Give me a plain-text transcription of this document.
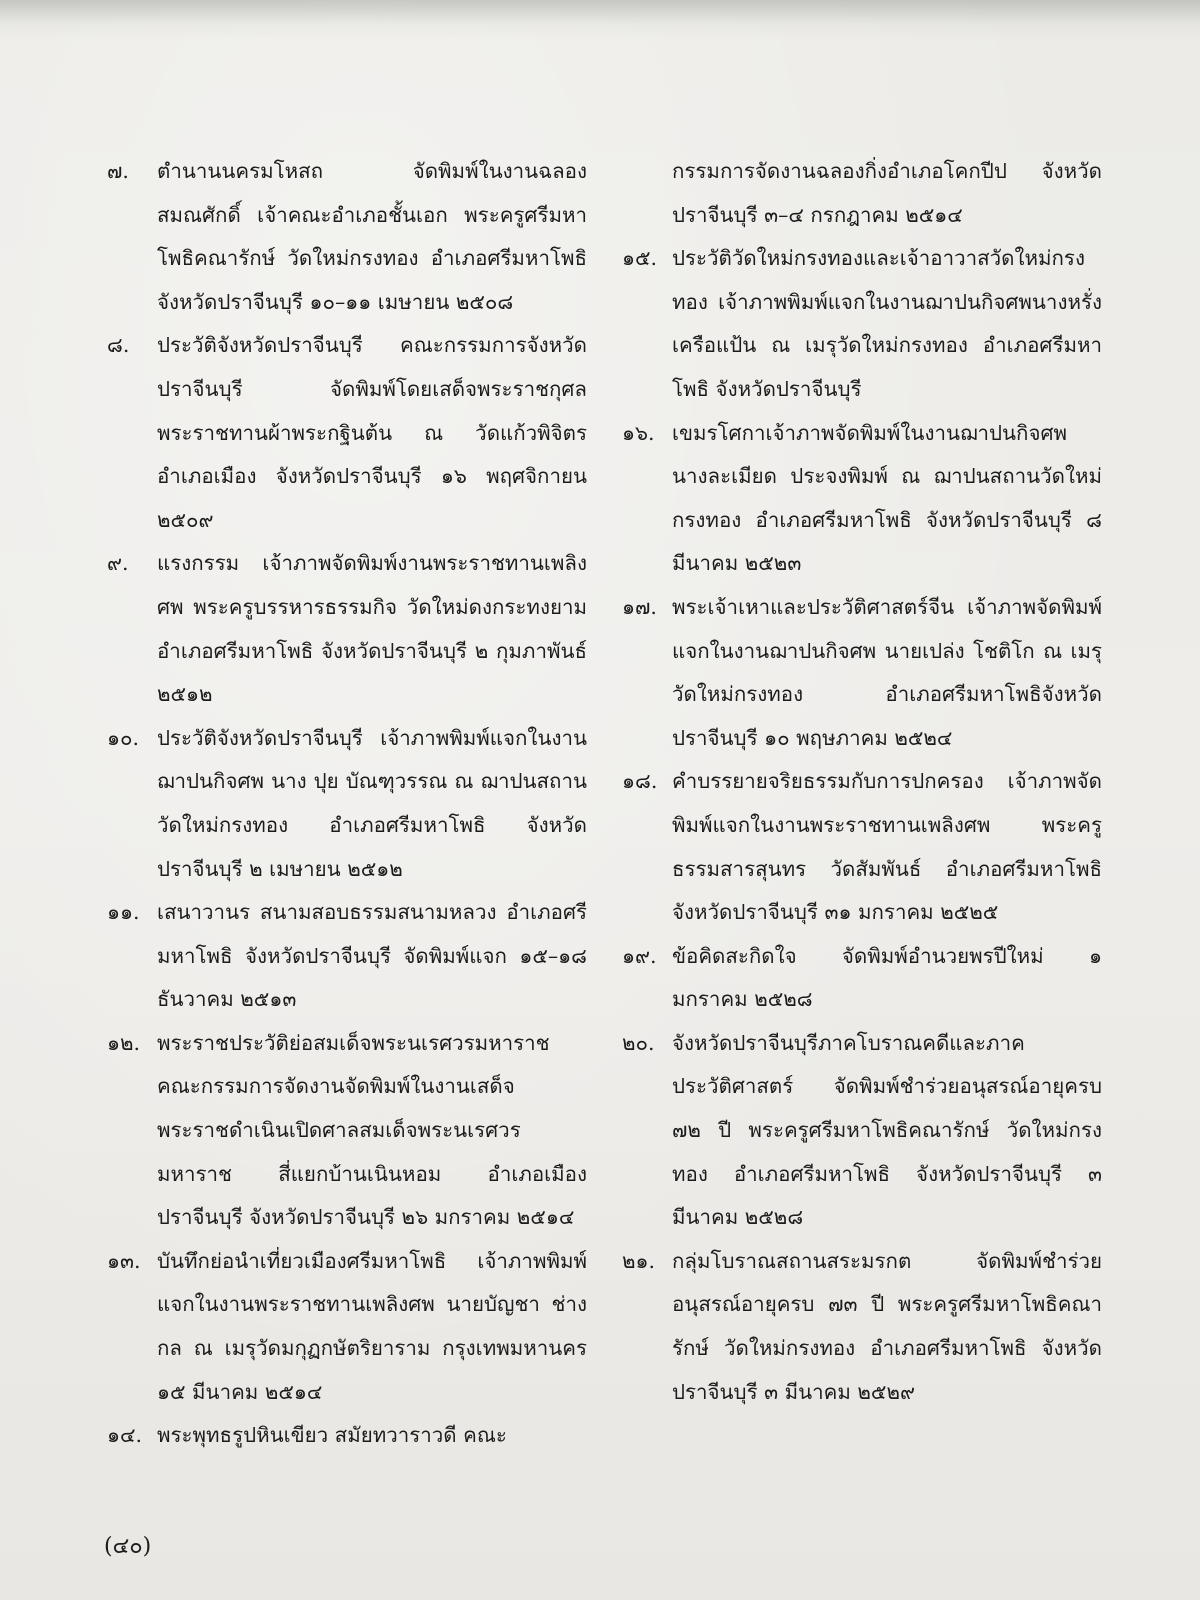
๗.	ตำนานนครมโหสถ จัดพิมพ์ในงานฉลองสมณศักดิ์ เจ้าคณะอำเภอชั้นเอก พระครูศรีมหาโพธิคณารักษ์ วัดใหม่กรงทอง อำเภอศรีมหาโพธิ จังหวัดปราจีนบุรี ๑๐–๑๑ เมษายน ๒๕๐๘
๘.	ประวัติจังหวัดปราจีนบุรี คณะกรรมการจังหวัดปราจีนบุรี จัดพิมพ์โดยเสด็จพระราชกุศลพระราชทานผ้าพระกฐินต้น ณ วัดแก้วพิจิตร อำเภอเมือง จังหวัดปราจีนบุรี ๑๖ พฤศจิกายน ๒๕๐๙
๙.	แรงกรรม เจ้าภาพจัดพิมพ์งานพระราชทานเพลิงศพ พระครูบรรหารธรรมกิจ วัดใหม่ดงกระทงยาม อำเภอศรีมหาโพธิ จังหวัดปราจีนบุรี ๒ กุมภาพันธ์ ๒๕๑๒
๑๐. ประวัติจังหวัดปราจีนบุรี เจ้าภาพพิมพ์แจกในงานฌาปนกิจศพ นาง ปุย บัณฑุวรรณ ณ ฌาปนสถานวัดใหม่กรงทอง อำเภอศรีมหาโพธิ จังหวัดปราจีนบุรี ๒ เมษายน ๒๕๑๒
๑๑. เสนาวานร สนามสอบธรรมสนามหลวง อำเภอศรีมหาโพธิ จังหวัดปราจีนบุรี จัดพิมพ์แจก ๑๕–๑๘ ธันวาคม ๒๕๑๓
๑๒. พระราชประวัติย่อสมเด็จพระนเรศวรมหาราช คณะกรรมการจัดงานจัดพิมพ์ในงานเสด็จพระราชดำเนินเปิดศาลสมเด็จพระนเรศวรมหาราช สี่แยกบ้านเนินหอม อำเภอเมือง ปราจีนบุรี จังหวัดปราจีนบุรี ๒๖ มกราคม ๒๕๑๔
๑๓. บันทึกย่อนำเที่ยวเมืองศรีมหาโพธิ เจ้าภาพพิมพ์แจกในงานพระราชทานเพลิงศพ นายบัญชา ช่างกล ณ เมรุวัดมกุฏกษัตริยาราม กรุงเทพมหานคร ๑๕ มีนาคม ๒๕๑๔
๑๔. พระพุทธรูปหินเขียว สมัยทวาราวดี คณะ
กรรมการจัดงานฉลองกิ่งอำเภอโคกปีป จังหวัดปราจีนบุรี ๓–๔ กรกฎาคม ๒๕๑๔
๑๕. ประวัติวัดใหม่กรงทองและเจ้าอาวาสวัดใหม่กรงทอง เจ้าภาพพิมพ์แจกในงานฌาปนกิจศพนางหรั่ง เครือแป้น ณ เมรุวัดใหม่กรงทอง อำเภอศรีมหาโพธิ จังหวัดปราจีนบุรี
๑๖. เขมรโศกาเจ้าภาพจัดพิมพ์ในงานฌาปนกิจศพนางละเมียด ประจงพิมพ์ ณ ฌาปนสถานวัดใหม่กรงทอง อำเภอศรีมหาโพธิ จังหวัดปราจีนบุรี ๘ มีนาคม ๒๕๒๓
๑๗. พระเจ้าเหาและประวัติศาสตร์จีน เจ้าภาพจัดพิมพ์แจกในงานฌาปนกิจศพ นายเปล่ง โชติโก ณ เมรุวัดใหม่กรงทอง อำเภอศรีมหาโพธิจังหวัดปราจีนบุรี ๑๐ พฤษภาคม ๒๕๒๔
๑๘. คำบรรยายจริยธรรมกับการปกครอง เจ้าภาพจัดพิมพ์แจกในงานพระราชทานเพลิงศพ พระครูธรรมสารสุนทร วัดสัมพันธ์ อำเภอศรีมหาโพธิ จังหวัดปราจีนบุรี ๓๑ มกราคม ๒๕๒๕
๑๙. ข้อคิดสะกิดใจ จัดพิมพ์อำนวยพรปีใหม่ ๑ มกราคม ๒๕๒๘
๒๐. จังหวัดปราจีนบุรีภาคโบราณคดีและภาคประวัติศาสตร์ จัดพิมพ์ชำร่วยอนุสรณ์อายุครบ ๗๒ ปี พระครูศรีมหาโพธิคณารักษ์ วัดใหม่กรงทอง อำเภอศรีมหาโพธิ จังหวัดปราจีนบุรี ๓ มีนาคม ๒๕๒๘
๒๑. กลุ่มโบราณสถานสระมรกต จัดพิมพ์ชำร่วยอนุสรณ์อายุครบ ๗๓ ปี พระครูศรีมหาโพธิคณารักษ์ วัดใหม่กรงทอง อำเภอศรีมหาโพธิ จังหวัดปราจีนบุรี ๓ มีนาคม ๒๕๒๙
(๔๐)
